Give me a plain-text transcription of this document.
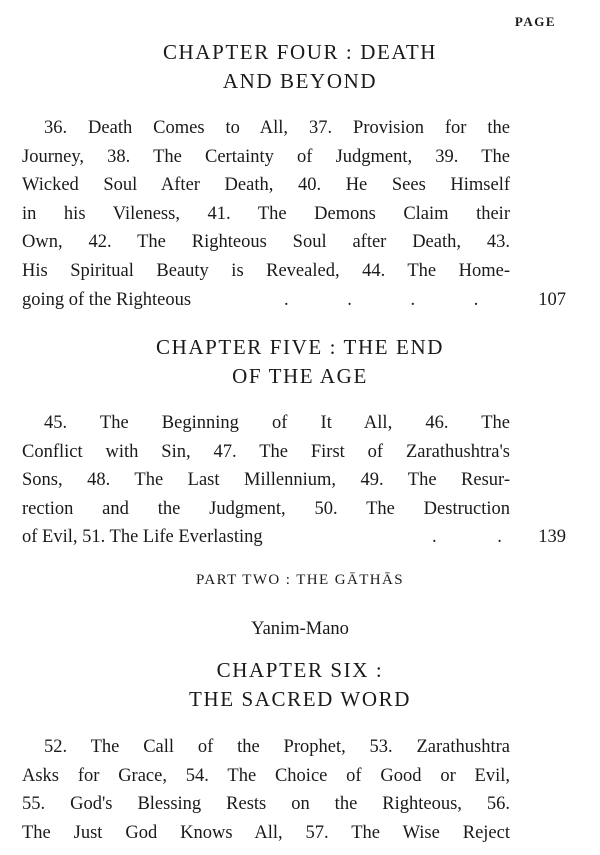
PAGE
CHAPTER FOUR : DEATH
AND BEYOND
36. Death Comes to All, 37. Provision for the
Journey, 38. The Certainty of Judgment, 39. The
Wicked Soul After Death, 40. He Sees Himself
in his Vileness, 41. The Demons Claim their
Own, 42. The Righteous Soul after Death, 43.
His Spiritual Beauty is Revealed, 44. The Home-
going of the Righteous	. . . .	107
CHAPTER FIVE : THE END
OF THE AGE
45. The Beginning of It All, 46. The
Conflict with Sin, 47. The First of Zarathushtra's
Sons, 48. The Last Millennium, 49. The Resur-
rection and the Judgment, 50. The Destruction
of Evil, 51. The Life Everlasting	. . 139
PART TWO : THE GĀTHĀS
Yanim-Mano
CHAPTER SIX :
THE SACRED WORD
52. The Call of the Prophet, 53. Zarathushtra
Asks for Grace, 54. The Choice of Good or Evil,
55. God's Blessing Rests on the Righteous, 56.
The Just God Knows All, 57. The Wise Reject
